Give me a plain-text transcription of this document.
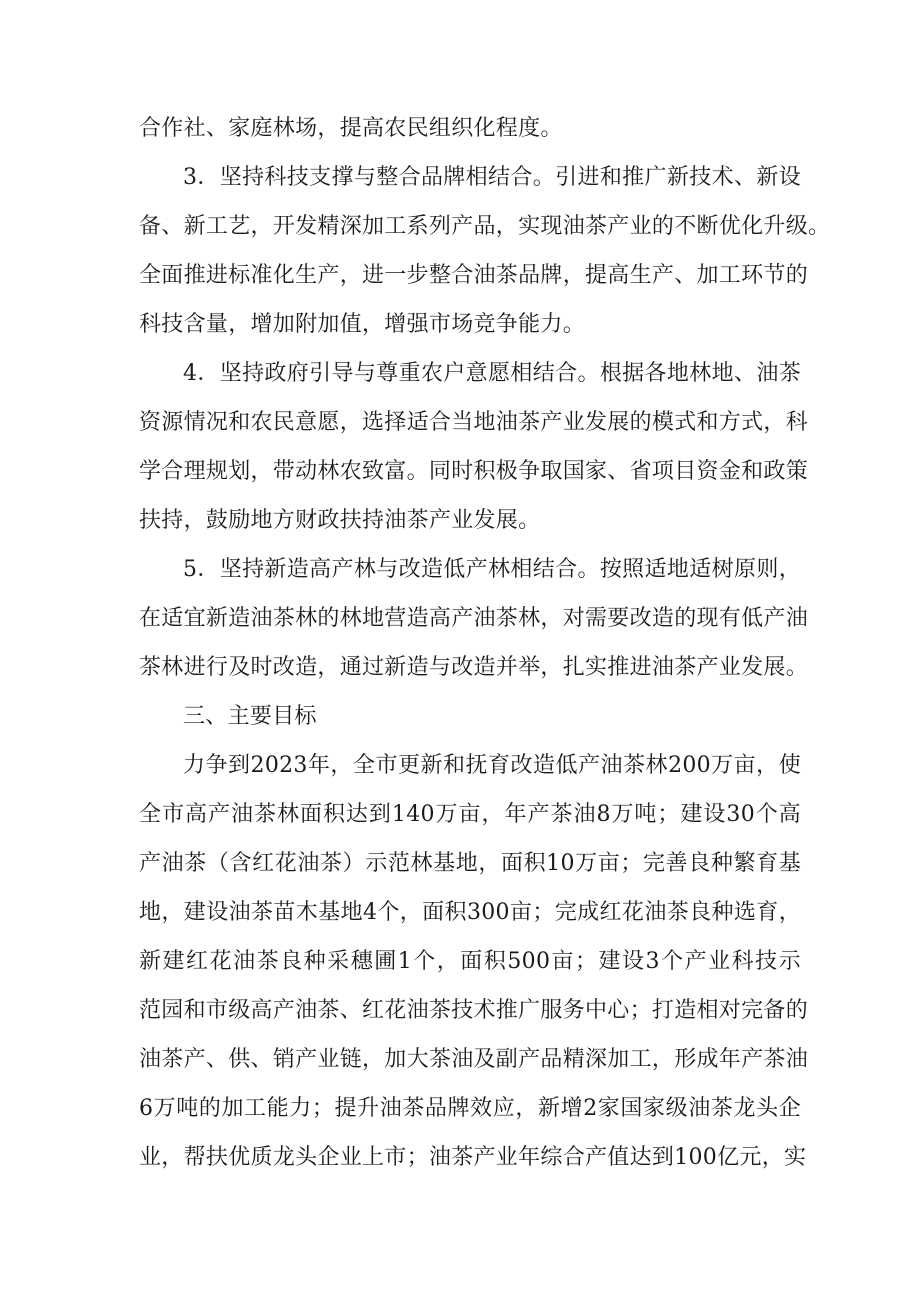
合作社、家庭林场，提高农民组织化程度。
3．坚持科技支撑与整合品牌相结合。引进和推广新技术、新设
备、新工艺，开发精深加工系列产品，实现油茶产业的不断优化升级。
全面推进标准化生产，进一步整合油茶品牌，提高生产、加工环节的
科技含量，增加附加值，增强市场竞争能力。
4．坚持政府引导与尊重农户意愿相结合。根据各地林地、油茶
资源情况和农民意愿，选择适合当地油茶产业发展的模式和方式，科
学合理规划，带动林农致富。同时积极争取国家、省项目资金和政策
扶持，鼓励地方财政扶持油茶产业发展。
5．坚持新造高产林与改造低产林相结合。按照适地适树原则，
在适宜新造油茶林的林地营造高产油茶林，对需要改造的现有低产油
茶林进行及时改造，通过新造与改造并举，扎实推进油茶产业发展。
三、主要目标
力争到2023年，全市更新和抚育改造低产油茶林200万亩，使
全市高产油茶林面积达到140万亩，年产茶油8万吨；建设30个高
产油茶（含红花油茶）示范林基地，面积10万亩；完善良种繁育基
地，建设油茶苗木基地4个，面积300亩；完成红花油茶良种选育，
新建红花油茶良种采穗圃1个，面积500亩；建设3个产业科技示
范园和市级高产油茶、红花油茶技术推广服务中心；打造相对完备的
油茶产、供、销产业链，加大茶油及副产品精深加工，形成年产茶油
6万吨的加工能力；提升油茶品牌效应，新增2家国家级油茶龙头企
业，帮扶优质龙头企业上市；油茶产业年综合产值达到100亿元，实
